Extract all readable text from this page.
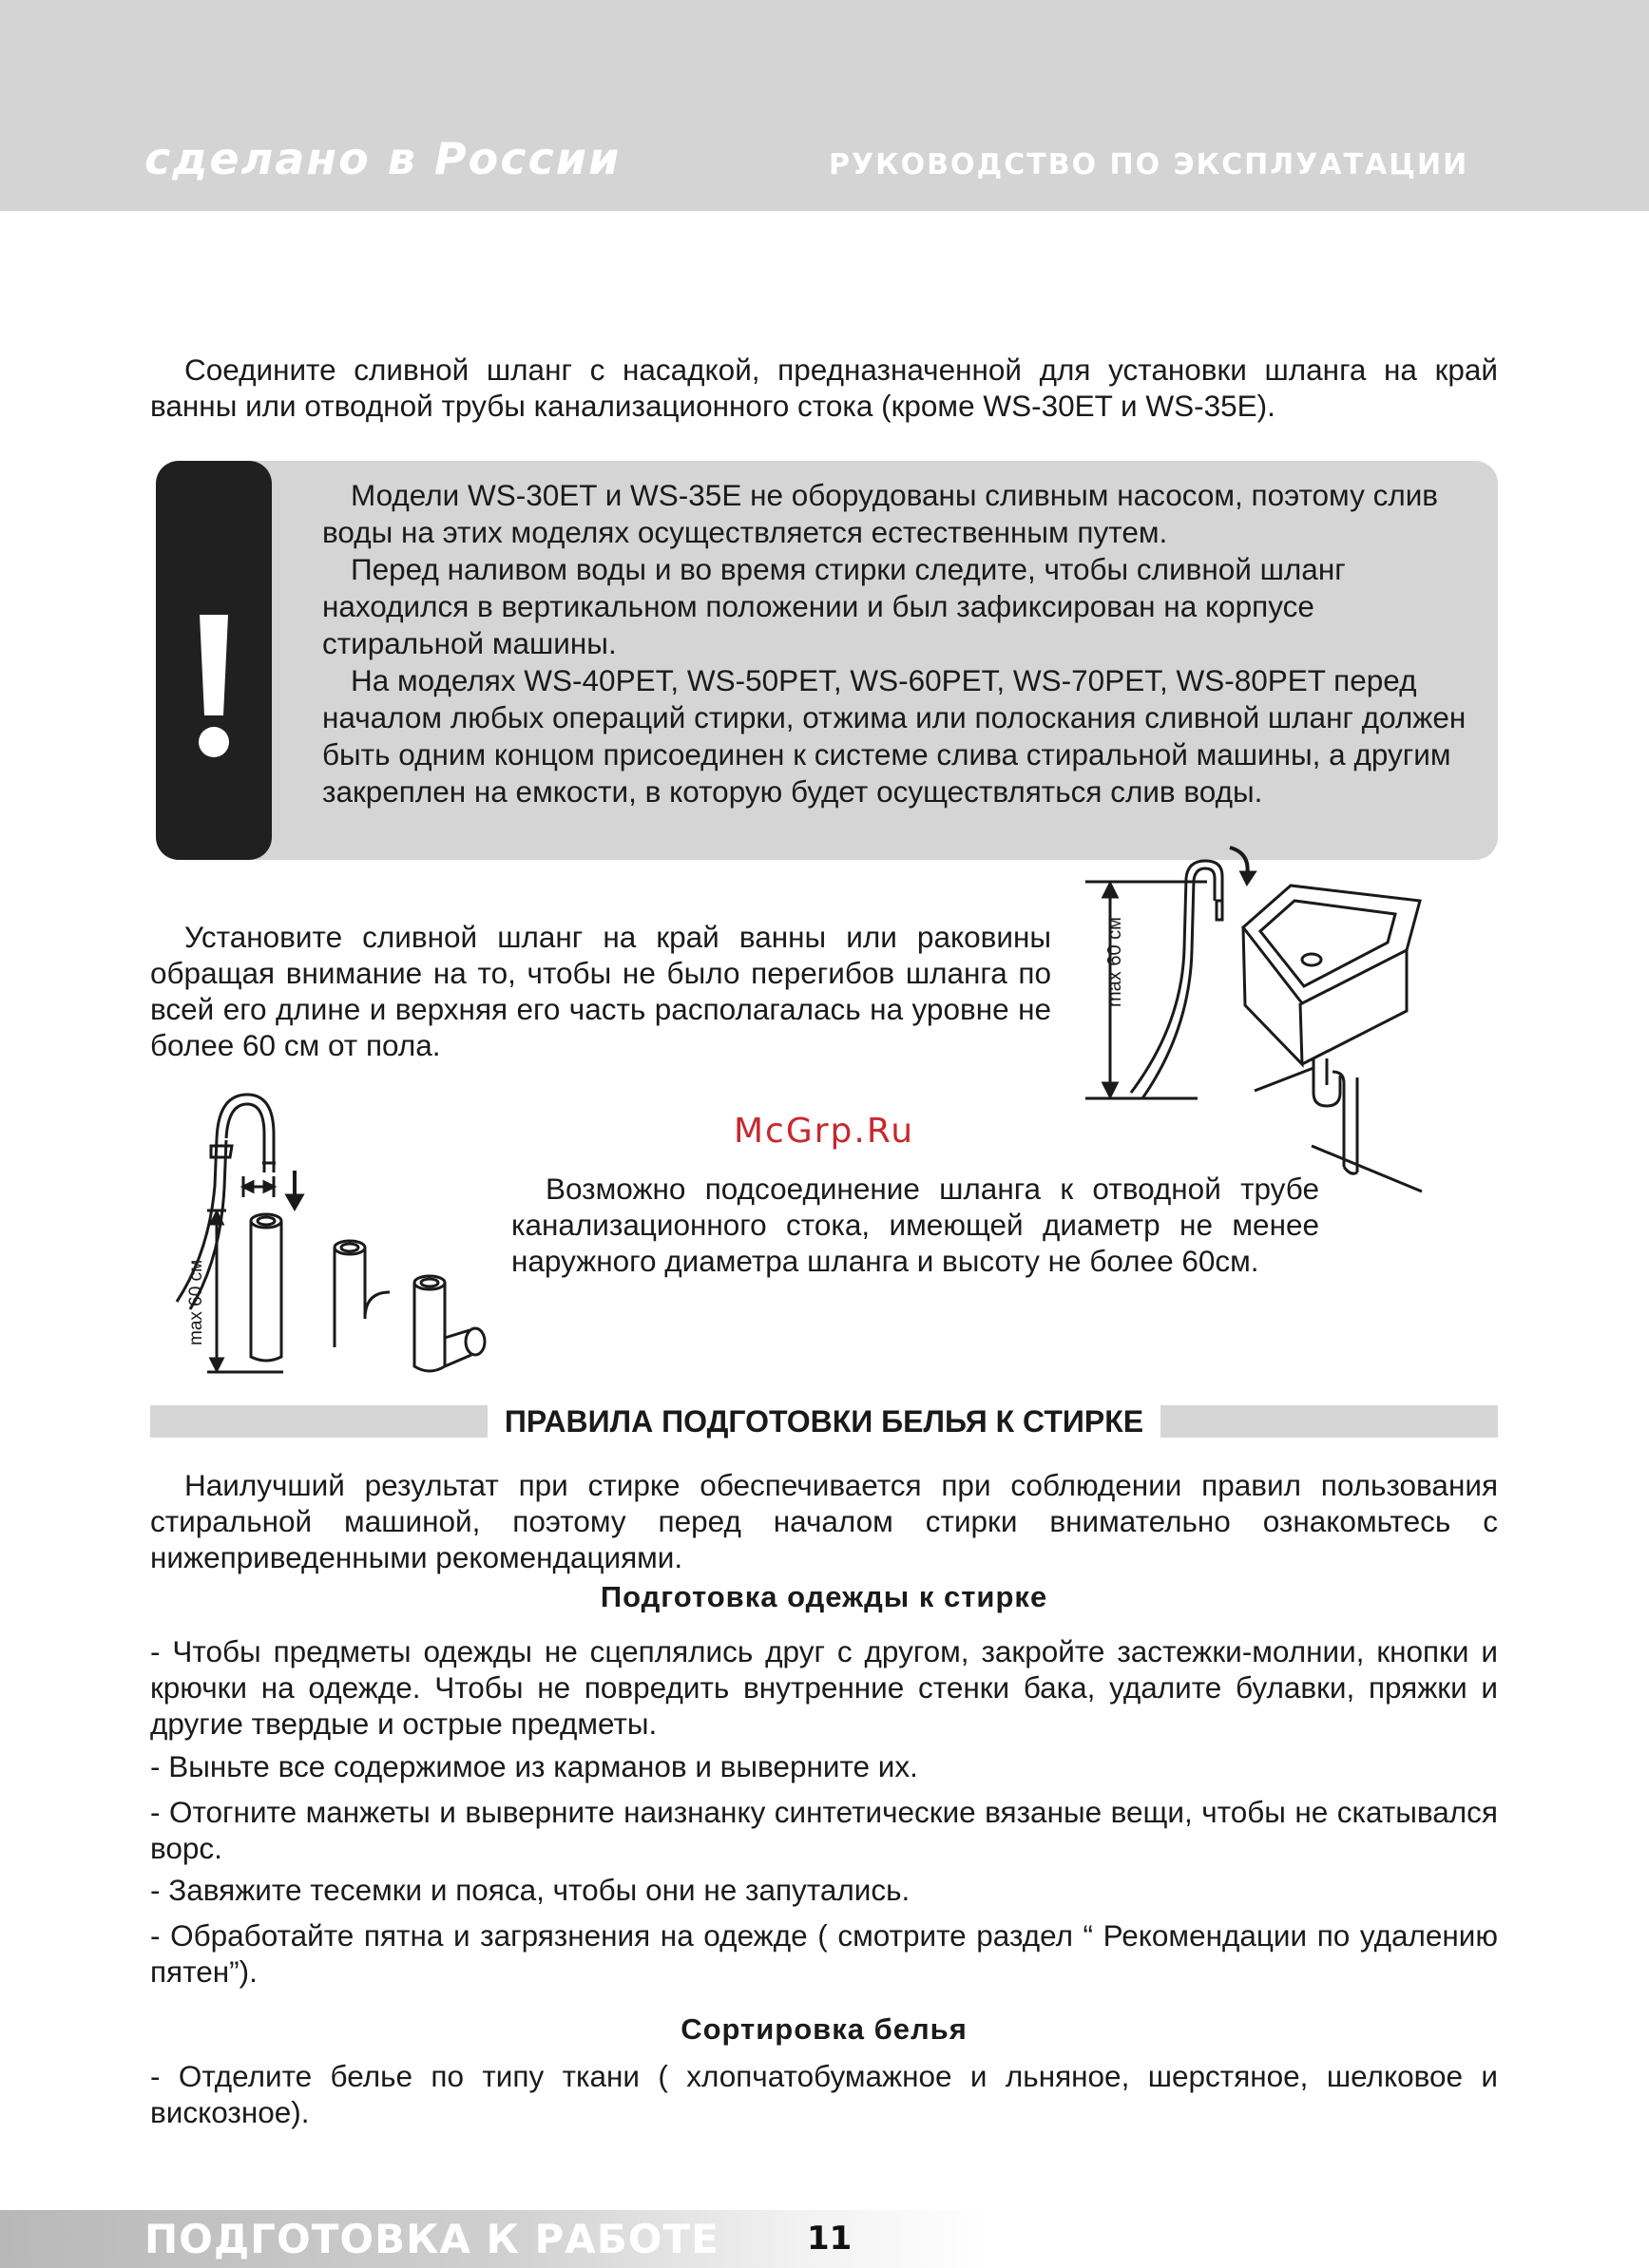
сделано в России	РУКОВОДСТВО ПО ЭКСПЛУАТАЦИИ

Соедините сливной шланг с насадкой, предназначенной для установки шланга на край ванны или отводной трубы канализационного стока (кроме WS-30ET и WS-35E).

Модели WS-30ET и WS-35E не оборудованы сливным насосом, поэтому слив воды на этих моделях осуществляется естественным путем.

Перед наливом воды и во время стирки следите, чтобы сливной шланг находился в вертикальном положении и был зафиксирован на корпусе стиральной машины.

На моделях WS-40PET, WS-50PET, WS-60PET, WS-70PET, WS-80PET перед началом любых операций стирки, отжима или полоскания сливной шланг должен быть одним концом присоединен к системе слива стиральной машины, а другим закреплен на емкости, в которую будет осуществляться слив воды.

Установите сливной шланг на край ванны или раковины обращая внимание на то, чтобы не было перегибов шланга по всей его длине и верхняя его часть располагалась на уровне не более 60 см от пола.

max 60 см
McGrp.Ru
max 60 см

Возможно подсоединение шланга к отводной трубе канализационного стока, имеющей диаметр не менее наружного диаметра шланга и высоту не более 60см.

ПРАВИЛА ПОДГОТОВКИ БЕЛЬЯ К СТИРКЕ

Наилучший результат при стирке обеспечивается при соблюдении правил пользования стиральной машиной, поэтому перед началом стирки внимательно ознакомьтесь с нижеприведенными рекомендациями.

Подготовка одежды к стирке

- Чтобы предметы одежды не сцеплялись друг с другом, закройте застежки-молнии, кнопки и крючки на одежде. Чтобы не повредить внутренние стенки бака, удалите булавки, пряжки и другие твердые и острые предметы.

- Выньте все содержимое из карманов и выверните их.

- Отогните манжеты и выверните наизнанку синтетические вязаные вещи, чтобы не скатывался ворс.

- Завяжите тесемки и пояса, чтобы они не запутались.

- Обработайте пятна и загрязнения на одежде ( смотрите раздел “ Рекомендации по удалению пятен”).

Сортировка белья

- Отделите белье по типу ткани ( хлопчатобумажное и льняное, шерстяное, шелковое и вискозное).

ПОДГОТОВКА К РАБОТЕ	11
